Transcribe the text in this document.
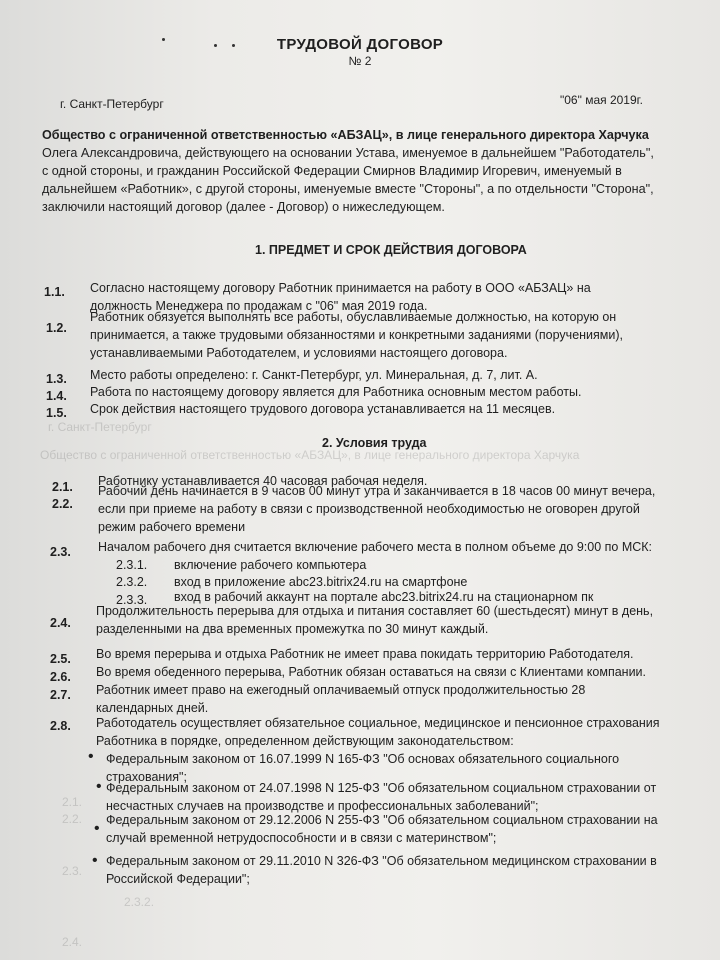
ТРУДОВОЙ ДОГОВОР
№ 2
г. Санкт-Петербург	"06" мая 2019г.

Общество с ограниченной ответственностью «АБЗАЦ», в лице генерального директора Харчука

Олега Александровича, действующего на основании Устава, именуемое в дальнейшем "Работодатель",

с одной стороны, и гражданин Российской Федерации Смирнов Владимир Игоревич, именуемый в

дальнейшем «Работник», с другой стороны, именуемые вместе "Стороны", а по отдельности "Сторона",

заключили настоящий договор (далее - Договор) о нижеследующем.

1. ПРЕДМЕТ И СРОК ДЕЙСТВИЯ ДОГОВОРА
1.1. Согласно настоящему договору Работник принимается на работу в ООО «АБЗАЦ» на
должность Менеджера по продажам с "06" мая 2019 года.
1.2.
Работник обязуется выполнять все работы, обуславливаемые должностью, на которую он
принимается, а также трудовыми обязанностями и конкретными заданиями (поручениями),
устанавливаемыми Работодателем, и условиями настоящего договора.
1.3. Место работы определено: г. Санкт-Петербург, ул. Минеральная, д. 7, лит. А.
1.4. Работа по настоящему договору является для Работника основным местом работы.
1.5. Срок действия настоящего трудового договора устанавливается на 11 месяцев.
г. Санкт-Петербург
Общество с ограниченной ответственностью «АБЗАЦ», в лице генерального директора Харчука
2. Условия труда
2.1. Работнику устанавливается 40 часовая рабочая неделя.
2.2.
Рабочий день начинается в 9 часов 00 минут утра и заканчивается в 18 часов 00 минут вечера,
если при приеме на работу в связи с производственной необходимостью не оговорен другой
режим рабочего времени
2.3. Началом рабочего дня считается включение рабочего места в полном объеме до 9:00 по МСК:
2.3.1. включение рабочего компьютера
2.3.2. вход в приложение abc23.bitrix24.ru на смартфоне
2.3.3. вход в рабочий аккаунт на портале abc23.bitrix24.ru на стационарном пк
2.4.
Продолжительность перерыва для отдыха и питания составляет 60 (шестьдесят) минут в день,
разделенными на два временных промежутка по 30 минут каждый.
2.5. Во время перерыва и отдыха Работник не имеет права покидать территорию Работодателя.
2.6. Во время обеденного перерыва, Работник обязан оставаться на связи с Клиентами компании.
2.7. Работник имеет право на ежегодный оплачиваемый отпуск продолжительностью 28
календарных дней.
2.8. Работодатель осуществляет обязательное социальное, медицинское и пенсионное страхования
Работника в порядке, определенном действующим законодательством:
• Федеральным законом от 16.07.1999 N 165-ФЗ "Об основах обязательного социального
страхования";
• Федеральным законом от 24.07.1998 N 125-ФЗ "Об обязательном социальном страховании от
несчастных случаев на производстве и профессиональных заболеваний";
• Федеральным законом от 29.12.2006 N 255-ФЗ "Об обязательном социальном страховании на
случай временной нетрудоспособности и в связи с материнством";
• Федеральным законом от 29.11.2010 N 326-ФЗ "Об обязательном медицинском страховании в
Российской Федерации";
2.1.
2.2.
2.3.
2.3.2.
2.4.
